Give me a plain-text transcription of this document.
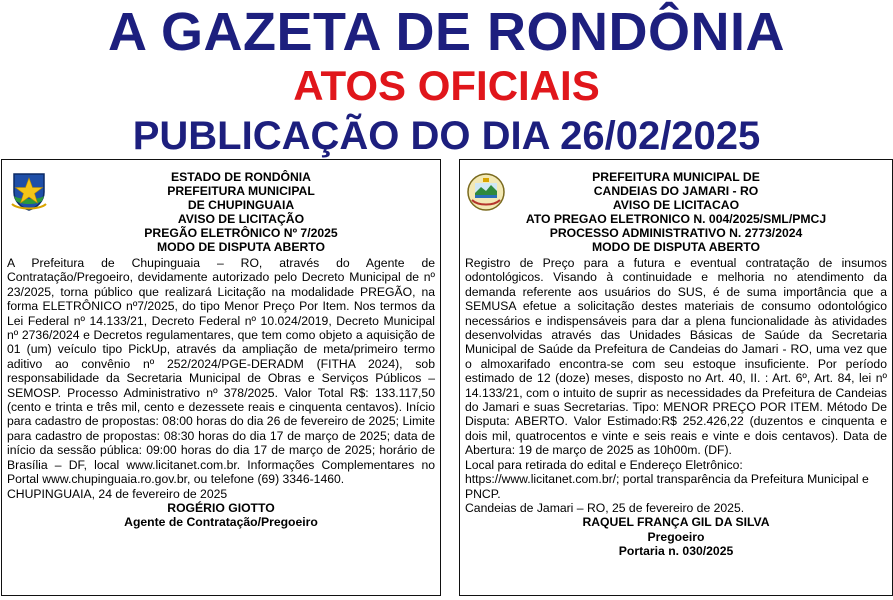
A GAZETA DE RONDÔNIA
ATOS OFICIAIS
PUBLICAÇÃO DO DIA 26/02/2025
ESTADO DE RONDÔNIA
PREFEITURA MUNICIPAL
DE CHUPINGUAIA
AVISO DE LICITAÇÃO
PREGÃO ELETRÔNICO Nº 7/2025
MODO DE DISPUTA ABERTO

A Prefeitura de Chupinguaia – RO, através do Agente de Contratação/Pregoeiro, devidamente autorizado pelo Decreto Municipal de nº 23/2025, torna público que realizará Licitação na modalidade PREGÃO, na forma ELETRÔNICO nº7/2025, do tipo Menor Preço Por Item. Nos termos da Lei Federal nº 14.133/21, Decreto Federal nº 10.024/2019, Decreto Municipal nº 2736/2024 e Decretos regulamentares, que tem como objeto a aquisição de 01 (um) veículo tipo PickUp, através da ampliação de meta/primeiro termo aditivo ao convênio nº 252/2024/PGE-DERADM (FITHA 2024), sob responsabilidade da Secretaria Municipal de Obras e Serviços Públicos – SEMOSP. Processo Administrativo nº 378/2025. Valor Total R$: 133.117,50 (cento e trinta e três mil, cento e dezessete reais e cinquenta centavos). Início para cadastro de propostas: 08:00 horas do dia 26 de fevereiro de 2025; Limite para cadastro de propostas: 08:30 horas do dia 17 de março de 2025; data de início da sessão pública: 09:00 horas do dia 17 de março de 2025; horário de Brasília – DF, local www.licitanet.com.br. Informações Complementares no Portal www.chupinguaia.ro.gov.br, ou telefone (69) 3346-1460.

CHUPINGUAIA, 24 de fevereiro de 2025
ROGÉRIO GIOTTO
Agente de Contratação/Pregoeiro
PREFEITURA MUNICIPAL DE
CANDEIAS DO JAMARI - RO
AVISO DE LICITACAO
ATO PREGAO ELETRONICO N. 004/2025/SML/PMCJ
PROCESSO ADMINISTRATIVO N. 2773/2024
MODO DE DISPUTA ABERTO

Registro de Preço para a futura e eventual contratação de insumos odontológicos. Visando à continuidade e melhoria no atendimento da demanda referente aos usuários do SUS, é de suma importância que a SEMUSA efetue a solicitação destes materiais de consumo odontológico necessários e indispensáveis para dar a plena funcionalidade às atividades desenvolvidas através das Unidades Básicas de Saúde da Secretaria Municipal de Saúde da Prefeitura de Candeias do Jamari - RO, uma vez que o almoxarifado encontra-se com seu estoque insuficiente. Por período estimado de 12 (doze) meses, disposto no Art. 40, II. : Art. 6º, Art. 84, lei nº 14.133/21, com o intuito de suprir as necessidades da Prefeitura de Candeias do Jamari e suas Secretarias. Tipo: MENOR PREÇO POR ITEM. Método De Disputa: ABERTO. Valor Estimado:R$ 252.426,22 (duzentos e cinquenta e dois mil, quatrocentos e vinte e seis reais e vinte e dois centavos). Data de Abertura: 19 de março de 2025 as 10h00m. (DF).

Local para retirada do edital e Endereço Eletrônico: https://www.licitanet.com.br/; portal transparência da Prefeitura Municipal e PNCP.
Candeias de Jamari – RO, 25 de fevereiro de 2025.
RAQUEL FRANÇA GIL DA SILVA
Pregoeiro
Portaria n. 030/2025
